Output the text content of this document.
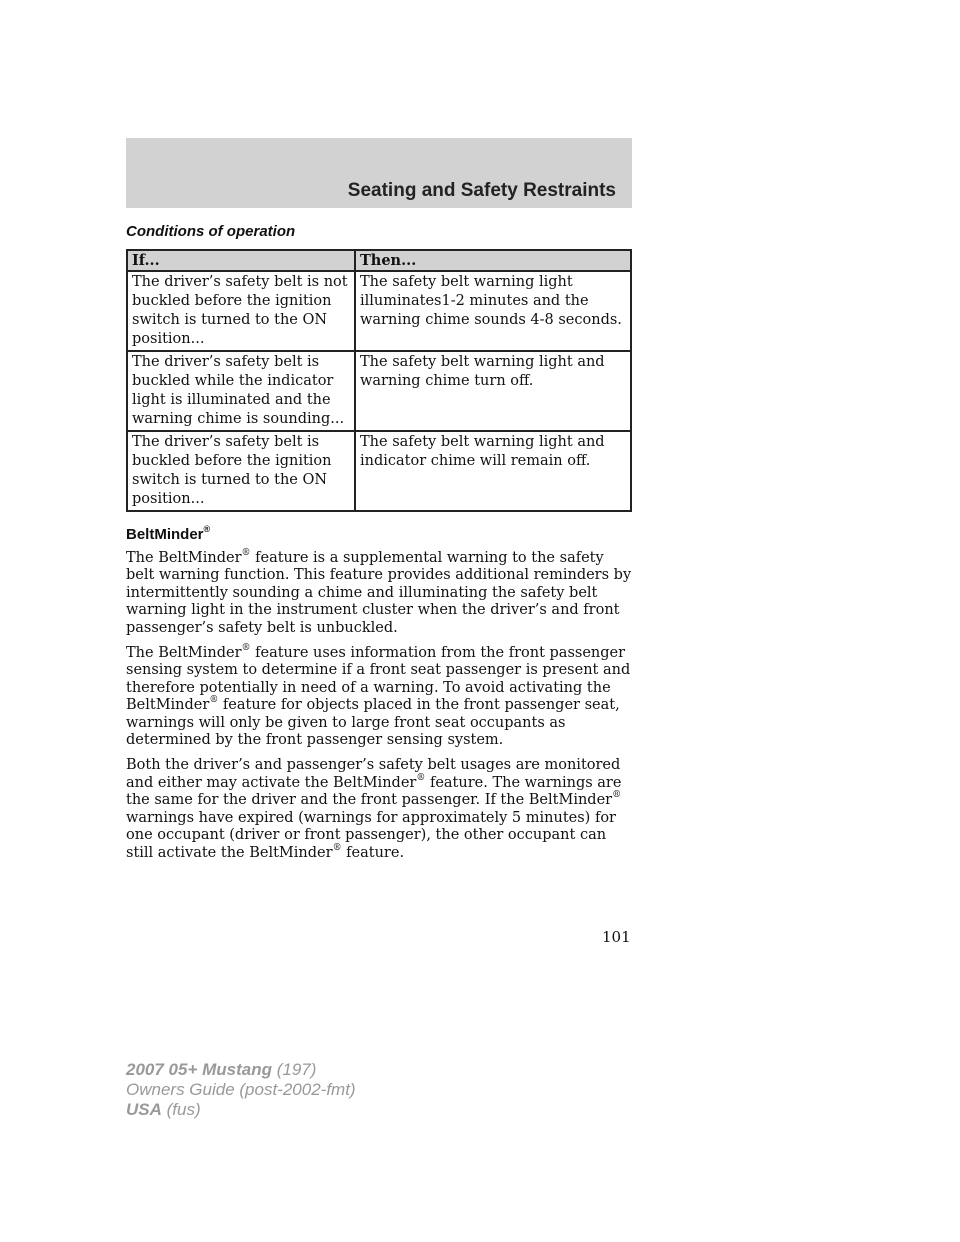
Seating and Safety Restraints
Conditions of operation
If...	Then...
The driver’s safety belt is not buckled before the ignition switch is turned to the ON position...	The safety belt warning light illuminates1-2 minutes and the warning chime sounds 4-8 seconds.
The driver’s safety belt is buckled while the indicator light is illuminated and the warning chime is sounding...	The safety belt warning light and warning chime turn off.
The driver’s safety belt is buckled before the ignition switch is turned to the ON position...	The safety belt warning light and indicator chime will remain off.
BeltMinder®

The BeltMinder® feature is a supplemental warning to the safety belt warning function. This feature provides additional reminders by intermittently sounding a chime and illuminating the safety belt warning light in the instrument cluster when the driver’s and front passenger’s safety belt is unbuckled.

The BeltMinder® feature uses information from the front passenger sensing system to determine if a front seat passenger is present and therefore potentially in need of a warning. To avoid activating the BeltMinder® feature for objects placed in the front passenger seat, warnings will only be given to large front seat occupants as determined by the front passenger sensing system.

Both the driver’s and passenger’s safety belt usages are monitored and either may activate the BeltMinder® feature. The warnings are the same for the driver and the front passenger. If the BeltMinder® warnings have expired (warnings for approximately 5 minutes) for one occupant (driver or front passenger), the other occupant can still activate the BeltMinder® feature.

101
2007 05+ Mustang (197)
Owners Guide (post-2002-fmt)
USA (fus)
